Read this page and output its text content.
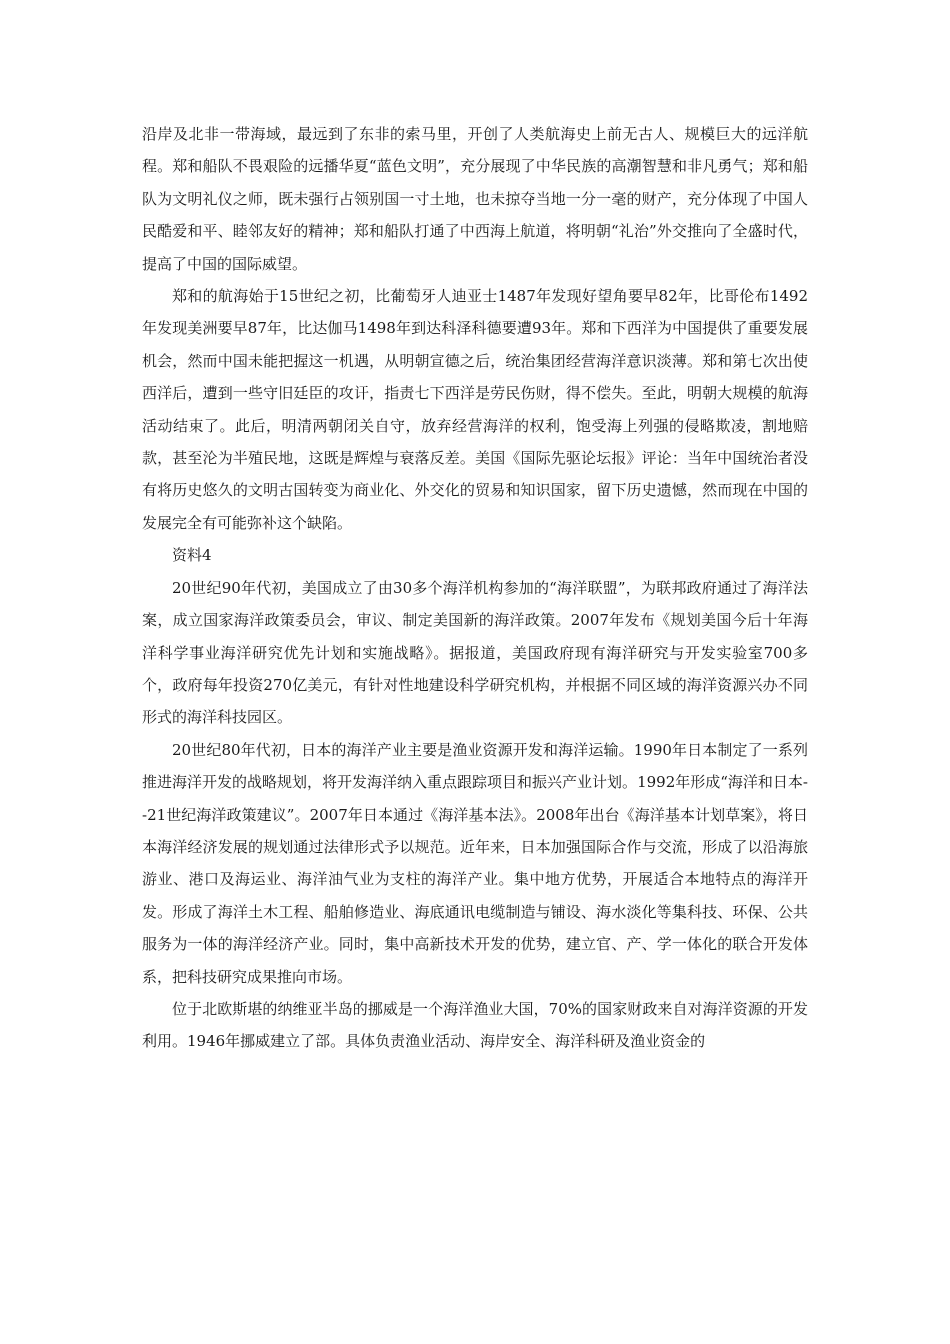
沿岸及北非一带海域，最远到了东非的索马里，开创了人类航海史上前无古人、规模巨大的远洋航程。郑和船队不畏艰险的远播华夏“蓝色文明”，充分展现了中华民族的高潮智慧和非凡勇气；郑和船队为文明礼仪之师，既未强行占领别国一寸土地，也未掠夺当地一分一毫的财产，充分体现了中国人民酷爱和平、睦邻友好的精神；郑和船队打通了中西海上航道，将明朝“礼治”外交推向了全盛时代，提高了中国的国际威望。

郑和的航海始于15世纪之初，比葡萄牙人迪亚士1487年发现好望角要早82年，比哥伦布1492年发现美洲要早87年，比达伽马1498年到达科泽科德要遭93年。郑和下西洋为中国提供了重要发展机会，然而中国未能把握这一机遇，从明朝宣德之后，统治集团经营海洋意识淡薄。郑和第七次出使西洋后，遭到一些守旧廷臣的攻讦，指责七下西洋是劳民伤财，得不偿失。至此，明朝大规模的航海活动结束了。此后，明清两朝闭关自守，放弃经营海洋的权利，饱受海上列强的侵略欺凌，割地赔款，甚至沦为半殖民地，这既是辉煌与衰落反差。美国《国际先驱论坛报》评论：当年中国统治者没有将历史悠久的文明古国转变为商业化、外交化的贸易和知识国家，留下历史遗憾，然而现在中国的发展完全有可能弥补这个缺陷。

资料4

20世纪90年代初，美国成立了由30多个海洋机构参加的“海洋联盟”，为联邦政府通过了海洋法案，成立国家海洋政策委员会，审议、制定美国新的海洋政策。2007年发布《规划美国今后十年海洋科学事业海洋研究优先计划和实施战略》。据报道，美国政府现有海洋研究与开发实验室700多个，政府每年投资270亿美元，有针对性地建设科学研究机构，并根据不同区域的海洋资源兴办不同形式的海洋科技园区。

20世纪80年代初，日本的海洋产业主要是渔业资源开发和海洋运输。1990年日本制定了一系列推进海洋开发的战略规划，将开发海洋纳入重点跟踪项目和振兴产业计划。1992年形成“海洋和日本--21世纪海洋政策建议”。2007年日本通过《海洋基本法》。2008年出台《海洋基本计划草案》，将日本海洋经济发展的规划通过法律形式予以规范。近年来，日本加强国际合作与交流，形成了以沿海旅游业、港口及海运业、海洋油气业为支柱的海洋产业。集中地方优势，开展适合本地特点的海洋开发。形成了海洋土木工程、船舶修造业、海底通讯电缆制造与铺设、海水淡化等集科技、环保、公共服务为一体的海洋经济产业。同时，集中高新技术开发的优势，建立官、产、学一体化的联合开发体系，把科技研究成果推向市场。

位于北欧斯堪的纳维亚半岛的挪威是一个海洋渔业大国，70%的国家财政来自对海洋资源的开发利用。1946年挪威建立了部。具体负责渔业活动、海岸安全、海洋科研及渔业资金的
